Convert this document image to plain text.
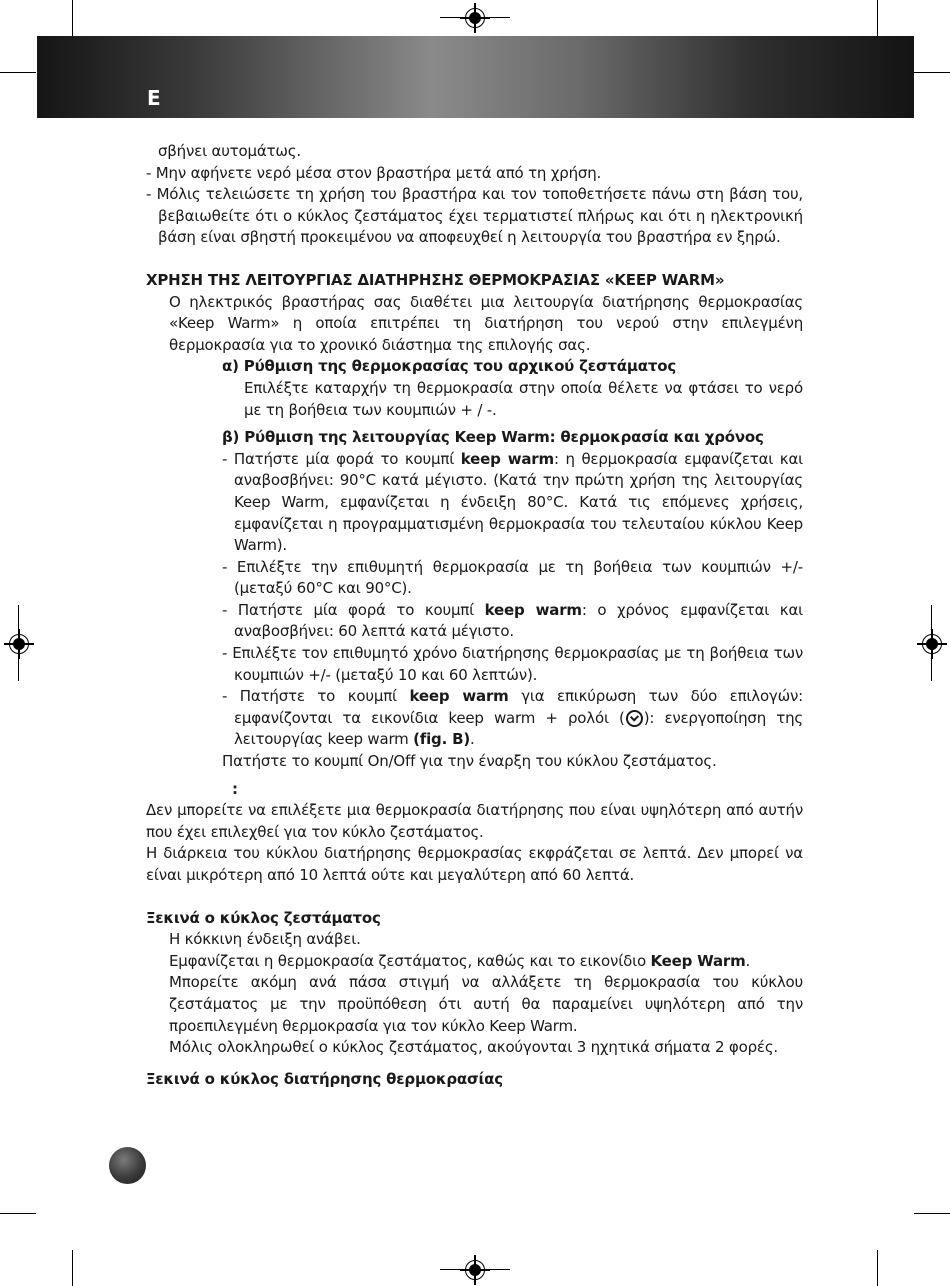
E

σβήνει αυτομάτως.

- Μην αφήνετε νερό μέσα στον βραστήρα μετά από τη χρήση.

- Μόλις τελειώσετε τη χρήση του βραστήρα και τον τοποθετήσετε πάνω στη βάση του, βεβαιωθείτε ότι ο κύκλος ζεστάματος έχει τερματιστεί πλήρως και ότι η ηλεκτρονική βάση είναι σβηστή προκειμένου να αποφευχθεί η λειτουργία του βραστήρα εν ξηρώ.

ΧΡΗΣΗ ΤΗΣ ΛΕΙΤΟΥΡΓΙΑΣ ΔΙΑΤΗΡΗΣΗΣ ΘΕΡΜΟΚΡΑΣΙΑΣ «KEEP WARM»

Ο ηλεκτρικός βραστήρας σας διαθέτει μια λειτουργία διατήρησης θερμοκρασίας «Keep Warm» η οποία επιτρέπει τη διατήρηση του νερού στην επιλεγμένη θερμοκρασία για το χρονικό διάστημα της επιλογής σας.

α) Ρύθμιση της θερμοκρασίας του αρχικού ζεστάματος

Επιλέξτε καταρχήν τη θερμοκρασία στην οποία θέλετε να φτάσει το νερό με τη βοήθεια των κουμπιών + / -.

β) Ρύθμιση της λειτουργίας Keep Warm: θερμοκρασία και χρόνος

- Πατήστε μία φορά το κουμπί keep warm: η θερμοκρασία εμφανίζεται και αναβοσβήνει: 90°C κατά μέγιστο. (Κατά την πρώτη χρήση της λειτουργίας Keep Warm, εμφανίζεται η ένδειξη 80°C. Κατά τις επόμενες χρήσεις, εμφανίζεται η προγραμματισμένη θερμοκρασία του τελευταίου κύκλου Keep Warm).

- Επιλέξτε την επιθυμητή θερμοκρασία με τη βοήθεια των κουμπιών +/- (μεταξύ 60°C και 90°C).

- Πατήστε μία φορά το κουμπί keep warm: ο χρόνος εμφανίζεται και αναβοσβήνει: 60 λεπτά κατά μέγιστο.

- Επιλέξτε τον επιθυμητό χρόνο διατήρησης θερμοκρασίας με τη βοήθεια των κουμπιών +/- (μεταξύ 10 και 60 λεπτών).

- Πατήστε το κουμπί keep warm για επικύρωση των δύο επιλογών: εμφανίζονται τα εικονίδια keep warm + ρολόι ( ): ενεργοποίηση της λειτουργίας keep warm (fig. B).

Πατήστε το κουμπί On/Off για την έναρξη του κύκλου ζεστάματος.

:

Δεν μπορείτε να επιλέξετε μια θερμοκρασία διατήρησης που είναι υψηλότερη από αυτήν που έχει επιλεχθεί για τον κύκλο ζεστάματος.

Η διάρκεια του κύκλου διατήρησης θερμοκρασίας εκφράζεται σε λεπτά. Δεν μπορεί να είναι μικρότερη από 10 λεπτά ούτε και μεγαλύτερη από 60 λεπτά.

Ξεκινά ο κύκλος ζεστάματος

Η κόκκινη ένδειξη ανάβει.

Εμφανίζεται η θερμοκρασία ζεστάματος, καθώς και το εικονίδιο Keep Warm.

Μπορείτε ακόμη ανά πάσα στιγμή να αλλάξετε τη θερμοκρασία του κύκλου ζεστάματος με την προϋπόθεση ότι αυτή θα παραμείνει υψηλότερη από την προεπιλεγμένη θερμοκρασία για τον κύκλο Keep Warm.

Μόλις ολοκληρωθεί ο κύκλος ζεστάματος, ακούγονται 3 ηχητικά σήματα 2 φορές.

Ξεκινά ο κύκλος διατήρησης θερμοκρασίας
